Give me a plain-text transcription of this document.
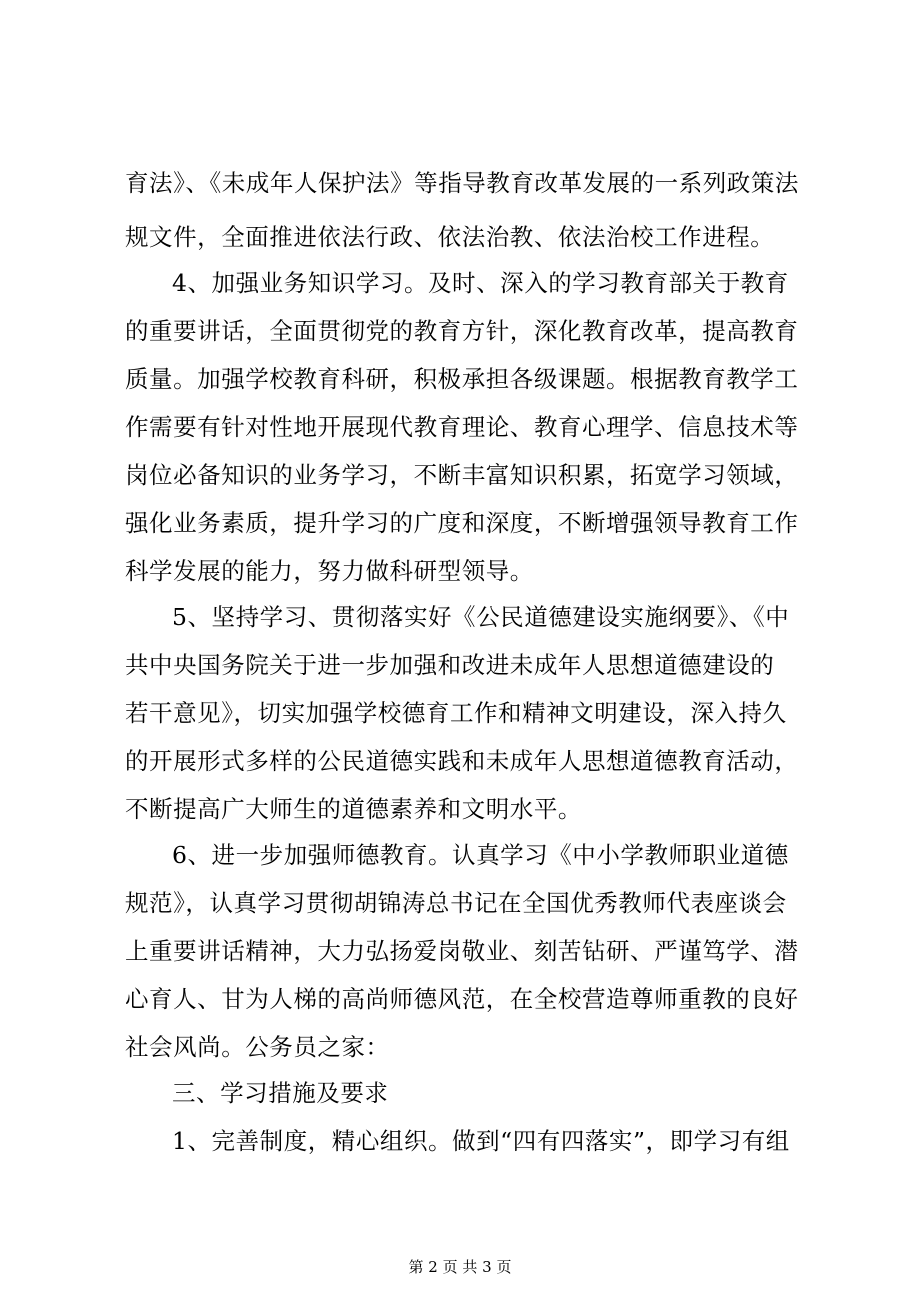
育法》、《未成年人保护法》等指导教育改革发展的一系列政策法
规文件，全面推进依法行政、依法治教、依法治校工作进程。
4、加强业务知识学习。及时、深入的学习教育部关于教育
的重要讲话，全面贯彻党的教育方针，深化教育改革，提高教育
质量。加强学校教育科研，积极承担各级课题。根据教育教学工
作需要有针对性地开展现代教育理论、教育心理学、信息技术等
岗位必备知识的业务学习，不断丰富知识积累，拓宽学习领域，
强化业务素质，提升学习的广度和深度，不断增强领导教育工作
科学发展的能力，努力做科研型领导。
5、坚持学习、贯彻落实好《公民道德建设实施纲要》、《中
共中央国务院关于进一步加强和改进未成年人思想道德建设的
若干意见》，切实加强学校德育工作和精神文明建设，深入持久
的开展形式多样的公民道德实践和未成年人思想道德教育活动，
不断提高广大师生的道德素养和文明水平。
6、进一步加强师德教育。认真学习《中小学教师职业道德
规范》，认真学习贯彻胡锦涛总书记在全国优秀教师代表座谈会
上重要讲话精神，大力弘扬爱岗敬业、刻苦钻研、严谨笃学、潜
心育人、甘为人梯的高尚师德风范，在全校营造尊师重教的良好
社会风尚。公务员之家：
三、学习措施及要求
1、完善制度，精心组织。做到“四有四落实”，即学习有组
第 2 页 共 3 页
